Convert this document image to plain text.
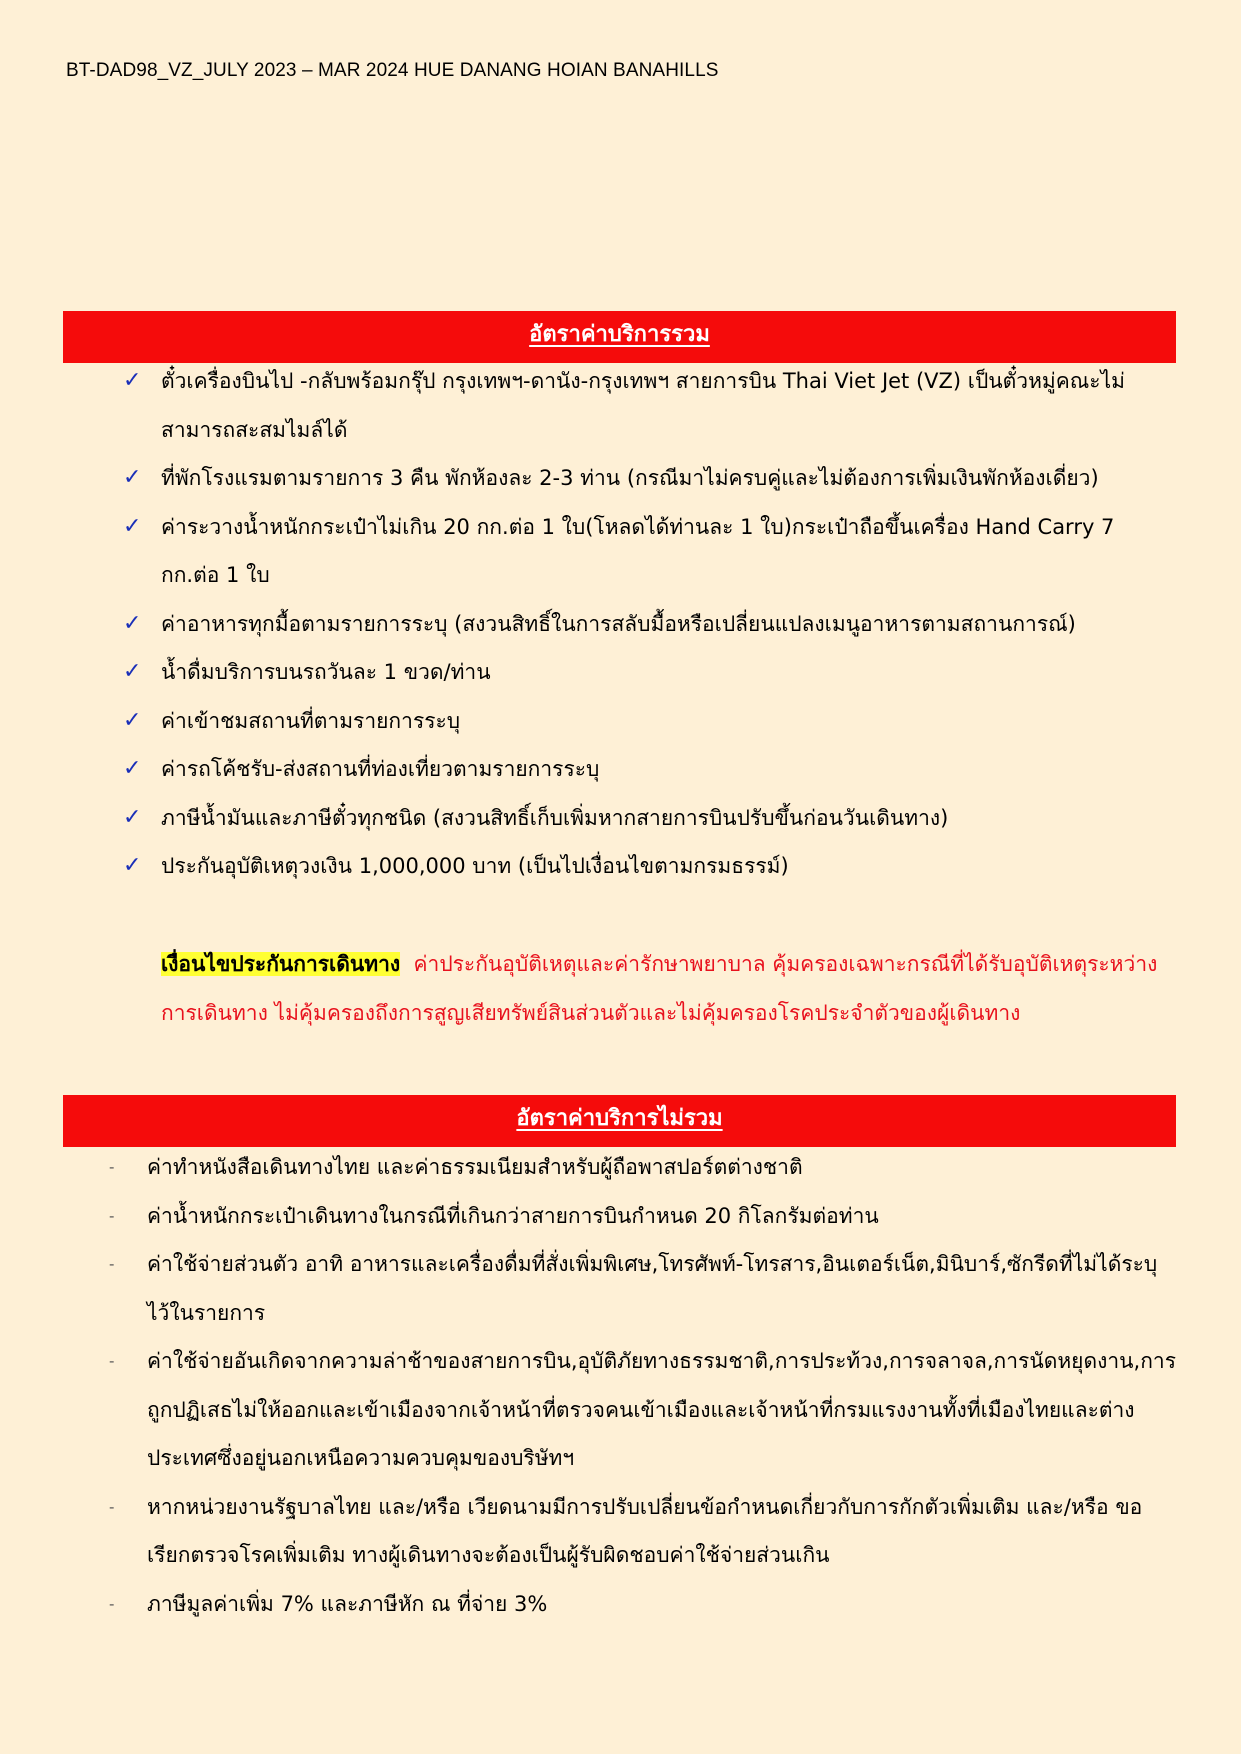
BT-DAD98_VZ_JULY 2023 – MAR 2024 HUE DANANG HOIAN BANAHILLS
อัตราค่าบริการรวม
✓ ตั๋วเครื่องบินไป -กลับพร้อมกรุ๊ป กรุงเทพฯ-ดานัง-กรุงเทพฯ สายการบิน Thai Viet Jet (VZ) เป็นตั๋วหมู่คณะไม่สามารถสะสมไมล์ได้
✓ ที่พักโรงแรมตามรายการ 3 คืน พักห้องละ 2-3 ท่าน (กรณีมาไม่ครบคู่และไม่ต้องการเพิ่มเงินพักห้องเดี่ยว)
✓ ค่าระวางน้ำหนักกระเป๋าไม่เกิน 20 กก.ต่อ 1 ใบ(โหลดได้ท่านละ 1 ใบ)กระเป๋าถือขึ้นเครื่อง Hand Carry 7 กก.ต่อ 1 ใบ
✓ ค่าอาหารทุกมื้อตามรายการระบุ (สงวนสิทธิ์ในการสลับมื้อหรือเปลี่ยนแปลงเมนูอาหารตามสถานการณ์)
✓ น้ำดื่มบริการบนรถวันละ 1 ขวด/ท่าน
✓ ค่าเข้าชมสถานที่ตามรายการระบุ
✓ ค่ารถโค้ชรับ-ส่งสถานที่ท่องเที่ยวตามรายการระบุ
✓ ภาษีน้ำมันและภาษีตั๋วทุกชนิด (สงวนสิทธิ์เก็บเพิ่มหากสายการบินปรับขึ้นก่อนวันเดินทาง)
✓ ประกันอุบัติเหตุวงเงิน 1,000,000 บาท (เป็นไปเงื่อนไขตามกรมธรรม์)
เงื่อนไขประกันการเดินทาง ค่าประกันอุบัติเหตุและค่ารักษาพยาบาล คุ้มครองเฉพาะกรณีที่ได้รับอุบัติเหตุระหว่างการเดินทาง ไม่คุ้มครองถึงการสูญเสียทรัพย์สินส่วนตัวและไม่คุ้มครองโรคประจำตัวของผู้เดินทาง
อัตราค่าบริการไม่รวม
- ค่าทำหนังสือเดินทางไทย และค่าธรรมเนียมสำหรับผู้ถือพาสปอร์ตต่างชาติ
- ค่าน้ำหนักกระเป๋าเดินทางในกรณีที่เกินกว่าสายการบินกำหนด 20 กิโลกรัมต่อท่าน
- ค่าใช้จ่ายส่วนตัว อาทิ อาหารและเครื่องดื่มที่สั่งเพิ่มพิเศษ,โทรศัพท์-โทรสาร,อินเตอร์เน็ต,มินิบาร์,ซักรีดที่ไม่ได้ระบุไว้ในรายการ
- ค่าใช้จ่ายอันเกิดจากความล่าช้าของสายการบิน,อุบัติภัยทางธรรมชาติ,การประท้วง,การจลาจล,การนัดหยุดงาน,การถูกปฏิเสธไม่ให้ออกและเข้าเมืองจากเจ้าหน้าที่ตรวจคนเข้าเมืองและเจ้าหน้าที่กรมแรงงานทั้งที่เมืองไทยและต่างประเทศซึ่งอยู่นอกเหนือความควบคุมของบริษัทฯ
- หากหน่วยงานรัฐบาลไทย และ/หรือ เวียดนามมีการปรับเปลี่ยนข้อกำหนดเกี่ยวกับการกักตัวเพิ่มเติม และ/หรือ ขอเรียกตรวจโรคเพิ่มเติม ทางผู้เดินทางจะต้องเป็นผู้รับผิดชอบค่าใช้จ่ายส่วนเกิน
- ภาษีมูลค่าเพิ่ม 7% และภาษีหัก ณ ที่จ่าย 3%
